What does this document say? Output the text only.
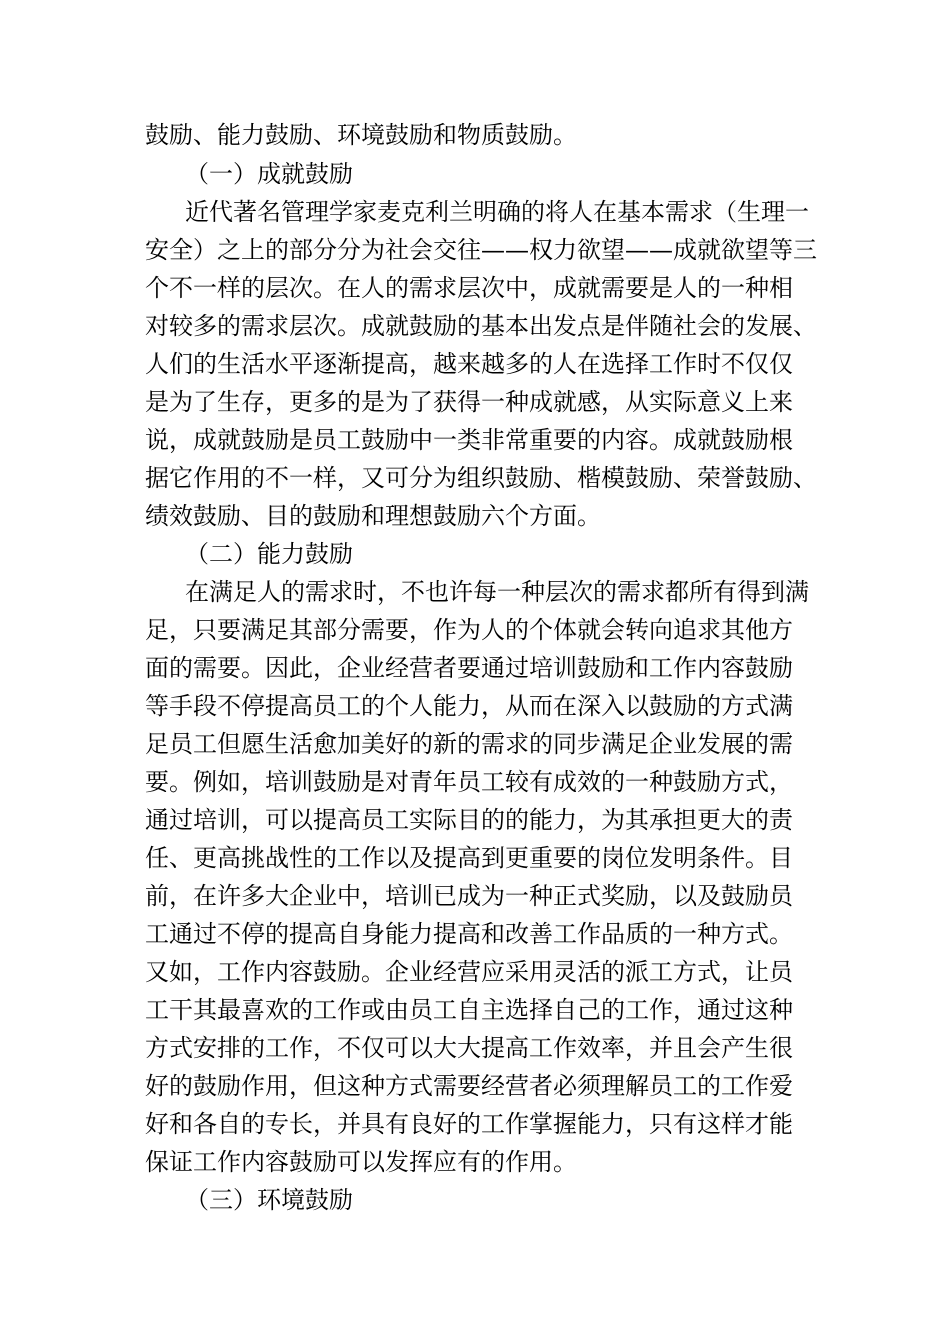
鼓励、能力鼓励、环境鼓励和物质鼓励。

（一）成就鼓励

近代著名管理学家麦克利兰明确的将人在基本需求（生理一

安全）之上的部分分为社会交往——权力欲望——成就欲望等三

个不一样的层次。在人的需求层次中，成就需要是人的一种相

对较多的需求层次。成就鼓励的基本出发点是伴随社会的发展、

人们的生活水平逐渐提高，越来越多的人在选择工作时不仅仅

是为了生存，更多的是为了获得一种成就感，从实际意义上来

说，成就鼓励是员工鼓励中一类非常重要的内容。成就鼓励根

据它作用的不一样，又可分为组织鼓励、楷模鼓励、荣誉鼓励、

绩效鼓励、目的鼓励和理想鼓励六个方面。

（二）能力鼓励

在满足人的需求时，不也许每一种层次的需求都所有得到满

足，只要满足其部分需要，作为人的个体就会转向追求其他方

面的需要。因此，企业经营者要通过培训鼓励和工作内容鼓励

等手段不停提高员工的个人能力，从而在深入以鼓励的方式满

足员工但愿生活愈加美好的新的需求的同步满足企业发展的需

要。例如，培训鼓励是对青年员工较有成效的一种鼓励方式，

通过培训，可以提高员工实际目的的能力，为其承担更大的责

任、更高挑战性的工作以及提高到更重要的岗位发明条件。目

前，在许多大企业中，培训已成为一种正式奖励，以及鼓励员

工通过不停的提高自身能力提高和改善工作品质的一种方式。

又如，工作内容鼓励。企业经营应采用灵活的派工方式，让员

工干其最喜欢的工作或由员工自主选择自己的工作，通过这种

方式安排的工作，不仅可以大大提高工作效率，并且会产生很

好的鼓励作用，但这种方式需要经营者必须理解员工的工作爱

好和各自的专长，并具有良好的工作掌握能力，只有这样才能

保证工作内容鼓励可以发挥应有的作用。

（三）环境鼓励
